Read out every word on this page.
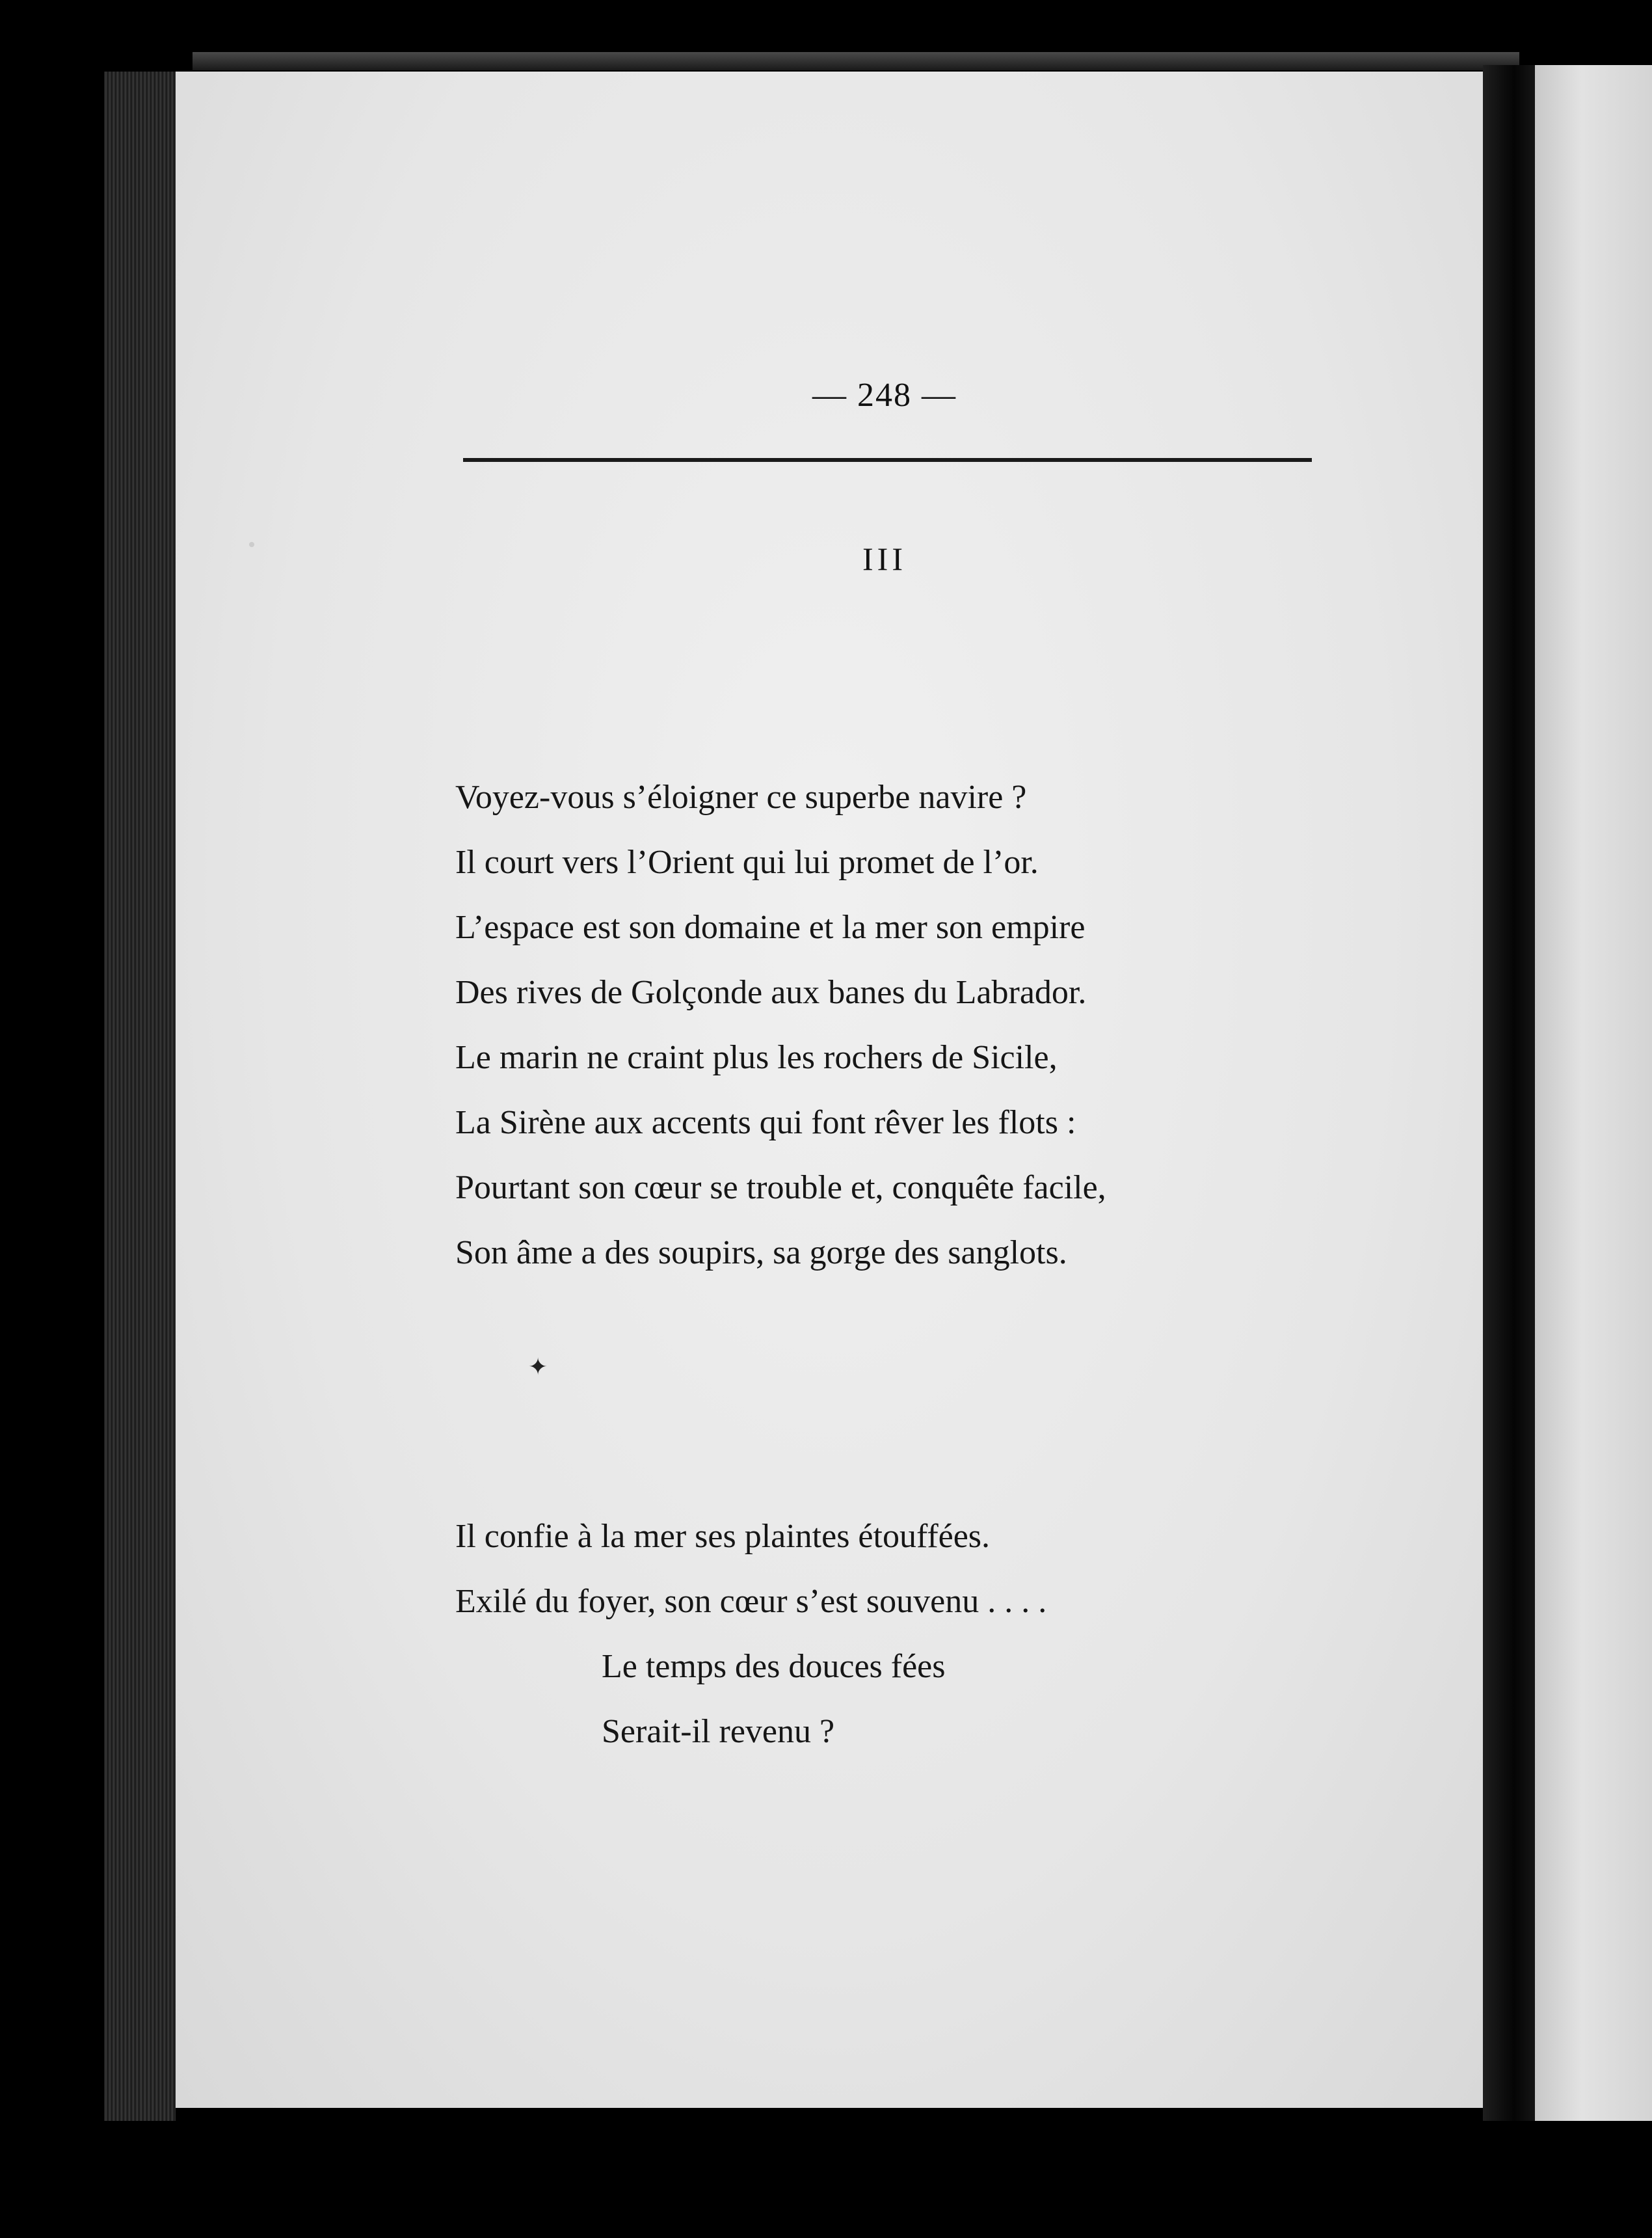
— 248 —
III
Voyez-vous s’éloigner ce superbe navire ?
Il court vers l’Orient qui lui promet de l’or.
L’espace est son domaine et la mer son empire
Des rives de Golçonde aux banes du Labrador.
Le marin ne craint plus les rochers de Sicile,
La Sirène aux accents qui font rêver les flots :
Pourtant son cœur se trouble et, conquête facile,
Son âme a des soupirs, sa gorge des sanglots.
✦
Il confie à la mer ses plaintes étouffées.
Exilé du foyer, son cœur s’est souvenu . . . .
Le temps des douces fées
Serait-il revenu ?
